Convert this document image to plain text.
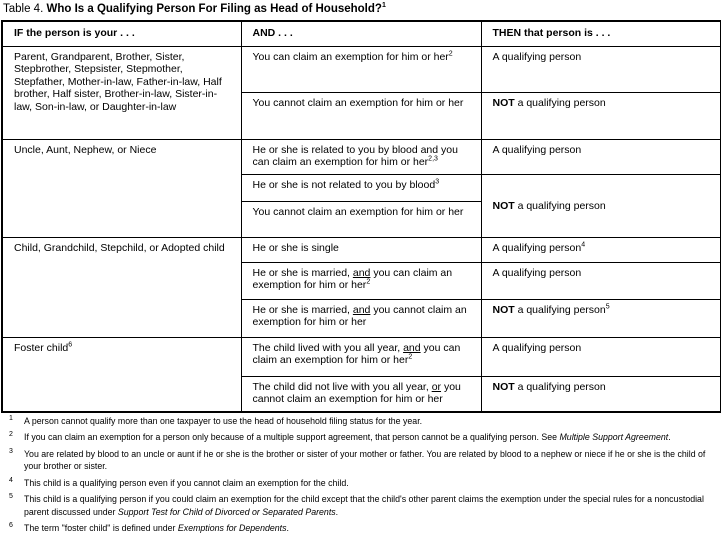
Table 4. Who Is a Qualifying Person For Filing as Head of Household?$^1$
IF the person is your . . .	AND . . .	THEN that person is . . .
Parent, Grandparent, Brother, Sister, Stepbrother, Stepsister, Stepmother, Stepfather, Mother-in-law, Father-in-law, Half brother, Half sister, Brother-in-law, Sister-in-law, Son-in-law, or Daughter-in-law	You can claim an exemption for him or her$^2$	A qualifying person
	You cannot claim an exemption for him or her	NOT a qualifying person
Uncle, Aunt, Nephew, or Niece	He or she is related to you by blood and you can claim an exemption for him or her$^{2,3}$	A qualifying person
	He or she is not related to you by blood$^3$	NOT a qualifying person
	You cannot claim an exemption for him or her	
Child, Grandchild, Stepchild, or Adopted child	He or she is single	A qualifying person$^4$
	He or she is married, and you can claim an exemption for him or her$^2$	A qualifying person
	He or she is married, and you cannot claim an exemption for him or her	NOT a qualifying person$^5$
Foster child$^6$	The child lived with you all year, and you can claim an exemption for him or her$^2$	A qualifying person
	The child did not live with you all year, or you cannot claim an exemption for him or her	NOT a qualifying person
1 A person cannot qualify more than one taxpayer to use the head of household filing status for the year.
2 If you can claim an exemption for a person only because of a multiple support agreement, that person cannot be a qualifying person. See Multiple Support Agreement.
3 You are related by blood to an uncle or aunt if he or she is the brother or sister of your mother or father. You are related by blood to a nephew or niece if he or she is the child of your brother or sister.
4 This child is a qualifying person even if you cannot claim an exemption for the child.
5 This child is a qualifying person if you could claim an exemption for the child except that the child's other parent claims the exemption under the special rules for a noncustodial parent discussed under Support Test for Child of Divorced or Separated Parents.
6 The term "foster child" is defined under Exemptions for Dependents.
